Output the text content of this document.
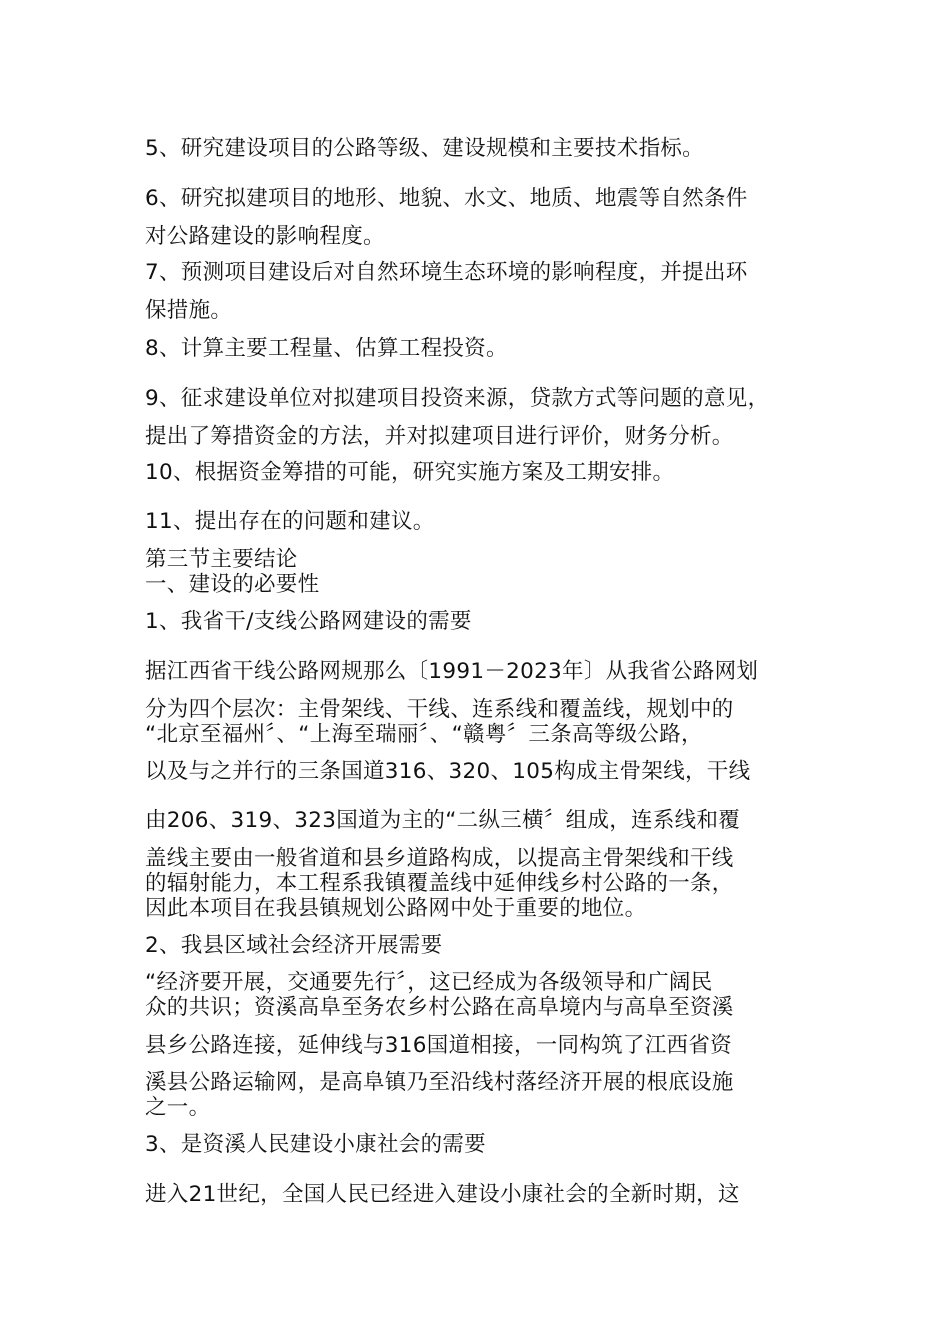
5、研究建设项目的公路等级、建设规模和主要技术指标。
6、研究拟建项目的地形、地貌、水文、地质、地震等自然条件
对公路建设的影响程度。
7、预测项目建设后对自然环境生态环境的影响程度，并提出环
保措施。
8、计算主要工程量、估算工程投资。
9、征求建设单位对拟建项目投资来源，贷款方式等问题的意见，
提出了筹措资金的方法，并对拟建项目进行评价，财务分析。
10、根据资金筹措的可能，研究实施方案及工期安排。
11、提出存在的问题和建议。
第三节主要结论
一、建设的必要性
1、我省干/支线公路网建设的需要
据江西省干线公路网规那么〔1991－2023年〕从我省公路网划
分为四个层次：主骨架线、干线、连系线和覆盖线，规划中的
“北京至福州〞、“上海至瑞丽〞、“赣粤〞三条高等级公路，
以及与之并行的三条国道316、320、105构成主骨架线，干线
由206、319、323国道为主的“二纵三横〞组成，连系线和覆
盖线主要由一般省道和县乡道路构成，以提高主骨架线和干线
的辐射能力，本工程系我镇覆盖线中延伸线乡村公路的一条，
因此本项目在我县镇规划公路网中处于重要的地位。
2、我县区域社会经济开展需要
“经济要开展，交通要先行〞，这已经成为各级领导和广阔民
众的共识；资溪高阜至务农乡村公路在高阜境内与高阜至资溪
县乡公路连接，延伸线与316国道相接，一同构筑了江西省资
溪县公路运输网，是高阜镇乃至沿线村落经济开展的根底设施
之一。
3、是资溪人民建设小康社会的需要
进入21世纪，全国人民已经进入建设小康社会的全新时期，这
